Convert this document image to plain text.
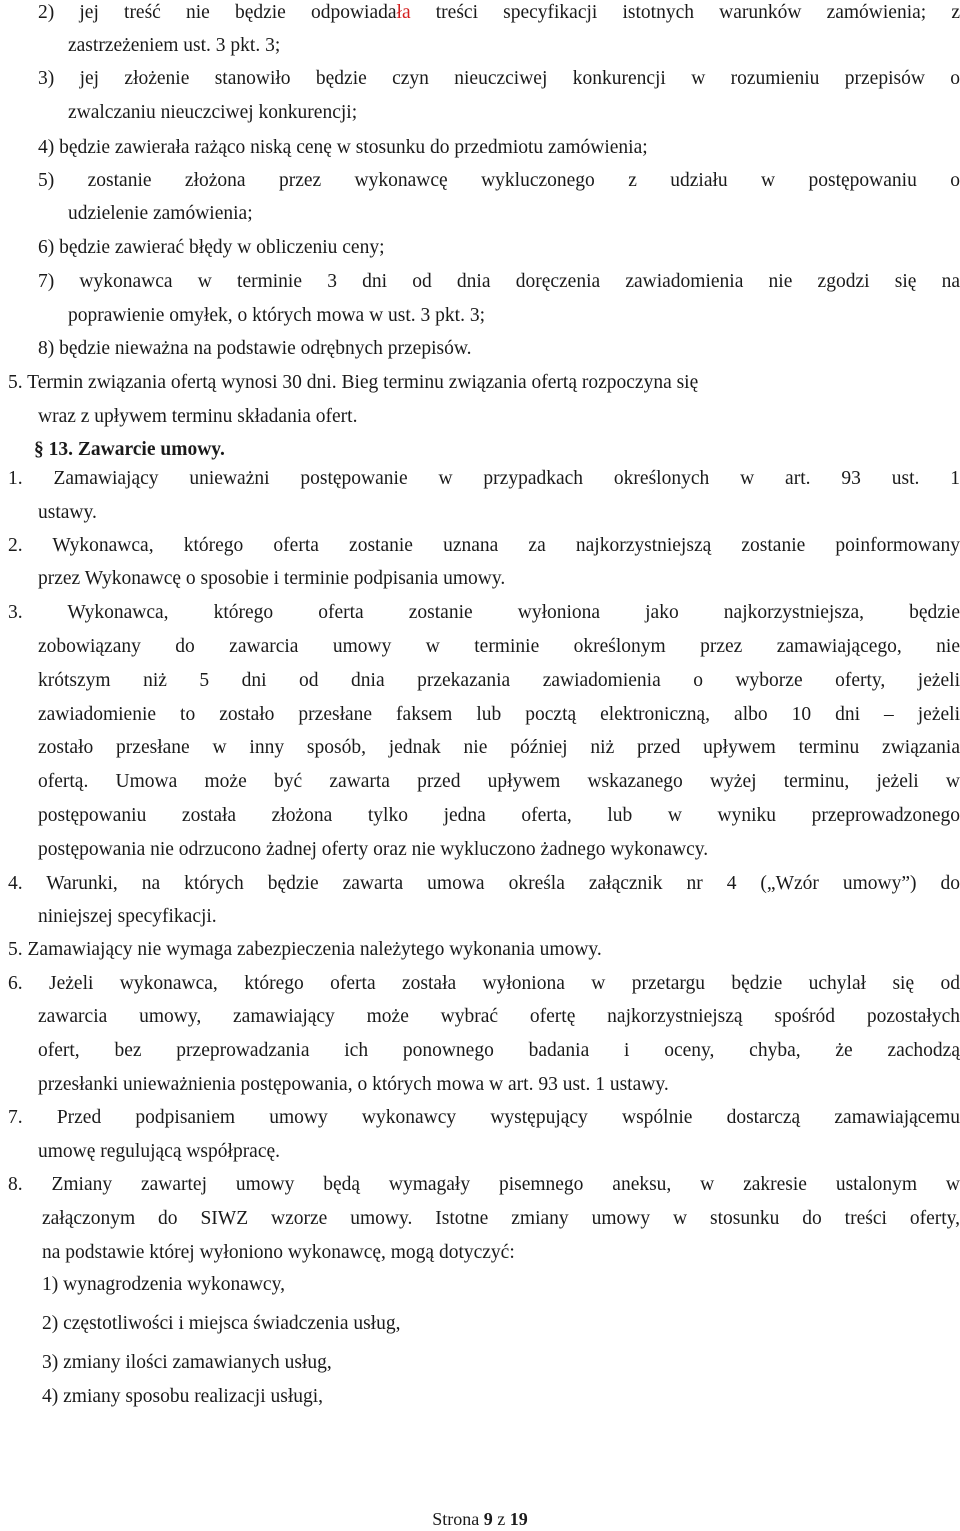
2) jej treść nie będzie odpowiadała treści specyfikacji istotnych warunków zamówienia; z

zastrzeżeniem ust. 3 pkt. 3;

3) jej złożenie stanowiło będzie czyn nieuczciwej konkurencji w rozumieniu przepisów o

zwalczaniu nieuczciwej konkurencji;

4) będzie zawierała rażąco niską cenę w stosunku do przedmiotu zamówienia;

5) zostanie złożona przez wykonawcę wykluczonego z udziału w postępowaniu o

udzielenie zamówienia;

6) będzie zawierać błędy w obliczeniu ceny;

7) wykonawca w terminie 3 dni od dnia doręczenia zawiadomienia nie zgodzi się na

poprawienie omyłek, o których mowa w ust. 3 pkt. 3;

8) będzie nieważna na podstawie odrębnych przepisów.

5. Termin związania ofertą wynosi 30 dni. Bieg terminu związania ofertą rozpoczyna się

wraz z upływem terminu składania ofert.

§ 13. Zawarcie umowy.

1. Zamawiający unieważni postępowanie w przypadkach określonych w art. 93 ust. 1

ustawy.

2. Wykonawca, którego oferta zostanie uznana za najkorzystniejszą zostanie poinformowany

przez Wykonawcę o sposobie i terminie podpisania umowy.

3. Wykonawca, którego oferta zostanie wyłoniona jako najkorzystniejsza, będzie

zobowiązany do zawarcia umowy w terminie określonym przez zamawiającego, nie

krótszym niż 5 dni od dnia przekazania zawiadomienia o wyborze oferty, jeżeli

zawiadomienie to zostało przesłane faksem lub pocztą elektroniczną, albo 10 dni – jeżeli

zostało przesłane w inny sposób, jednak nie później niż przed upływem terminu związania

ofertą. Umowa może być zawarta przed upływem wskazanego wyżej terminu, jeżeli w

postępowaniu została złożona tylko jedna oferta, lub w wyniku przeprowadzonego

postępowania nie odrzucono żadnej oferty oraz nie wykluczono żadnego wykonawcy.

4. Warunki, na których będzie zawarta umowa określa załącznik nr 4 („Wzór umowy”) do

niniejszej specyfikacji.

5. Zamawiający nie wymaga zabezpieczenia należytego wykonania umowy.

6. Jeżeli wykonawca, którego oferta została wyłoniona w przetargu będzie uchylał się od

zawarcia umowy, zamawiający może wybrać ofertę najkorzystniejszą spośród pozostałych

ofert, bez przeprowadzania ich ponownego badania i oceny, chyba, że zachodzą

przesłanki unieważnienia postępowania, o których mowa w art. 93 ust. 1 ustawy.

7. Przed podpisaniem umowy wykonawcy występujący wspólnie dostarczą zamawiającemu

umowę regulującą współpracę.

8. Zmiany zawartej umowy będą wymagały pisemnego aneksu, w zakresie ustalonym w

załączonym do SIWZ wzorze umowy. Istotne zmiany umowy w stosunku do treści oferty,

na podstawie której wyłoniono wykonawcę, mogą dotyczyć:

1) wynagrodzenia wykonawcy,

2) częstotliwości i miejsca świadczenia usług,

3) zmiany ilości zamawianych usług,

4) zmiany sposobu realizacji usługi,

Strona 9 z 19
